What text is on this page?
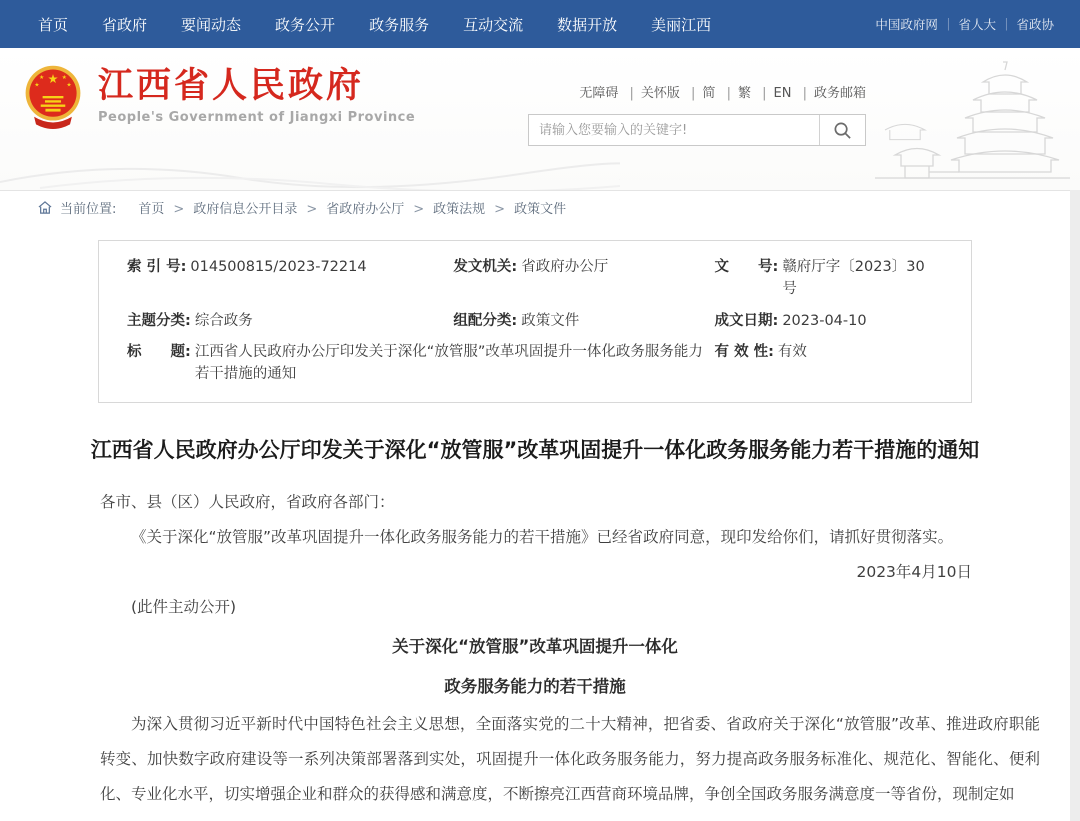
首页 省政府 要闻动态 政务公开 政务服务 互动交流 数据开放 美丽江西	中国政府网	｜ 省人大	｜ 省政协
★
★	★
★	★ 江西省人民政府
People's Government of Jiangxi Province
无障碍 | 关怀版 | 简 | 繁 | EN | 政务邮箱
请输入您要输入的关键字!
当前位置: 首页	> 政府信息公开目录	> 省政府办公厅	> 政策法规	> 政策文件
索 引 号: 014500815/2023-72214	发文机关: 省政府办公厅	文　　号: 赣府厅字〔2023〕30号
主题分类: 综合政务	组配分类: 政策文件	成文日期: 2023-04-10
标　　题: 江西省人民政府办公厅印发关于深化“放管服”改革巩固提升一体化政务服务能力若干措施的通知
有 效 性: 有效
江西省人民政府办公厅印发关于深化“放管服”改革巩固提升一体化政务服务能力若干措施的通知

各市、县（区）人民政府，省政府各部门：

《关于深化“放管服”改革巩固提升一体化政务服务能力的若干措施》已经省政府同意，现印发给你们，请抓好贯彻落实。

2023年4月10日

(此件主动公开)

关于深化“放管服”改革巩固提升一体化
政务服务能力的若干措施

为深入贯彻习近平新时代中国特色社会主义思想，全面落实党的二十大精神，把省委、省政府关于深化“放管服”改革、推进政府职能转变、加快数字政府建设等一系列决策部署落到实处，巩固提升一体化政务服务能力，努力提高政务服务标准化、规范化、智能化、便利化、专业化水平，切实增强企业和群众的获得感和满意度，不断擦亮江西营商环境品牌，争创全国政务服务满意度一等省份，现制定如
